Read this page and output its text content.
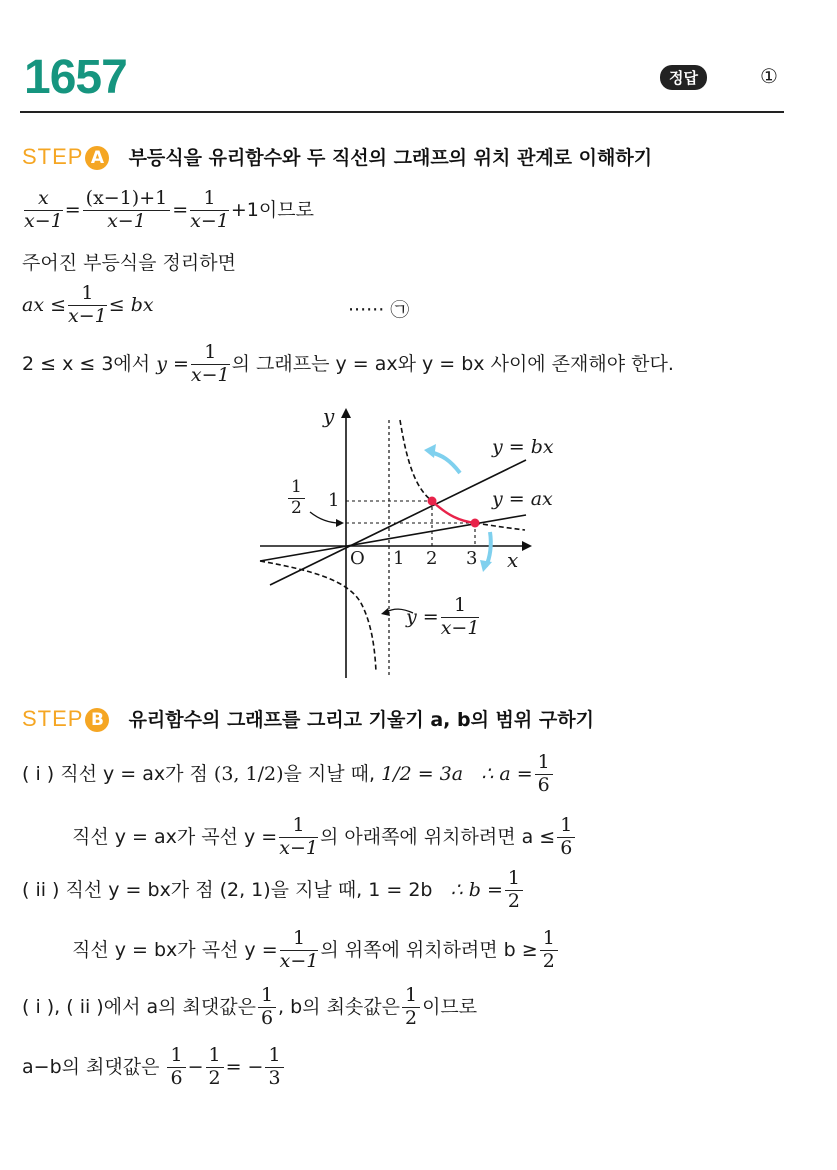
1657	정답	①
STEP A 부등식을 유리함수와 두 직선의 그래프의 위치 관계로 이해하기
$\frac{x}{x-1} = \frac{(x-1)+1}{x-1} = \frac{1}{x-1} +1$이므로
주어진 부등식을 정리하면
ax ≤ $\frac{1}{x-1}$ ≤ bx	······ ㉠
2 ≤ x ≤ 3에서 $y = \frac{1}{x-1}$ 의 그래프는 y = ax와 y = bx 사이에 존재해야 한다.
y
x
O 1 2 3
1
$\frac{1}{2}$
y = bx
y = ax
$y = \frac{1}{x-1}$
STEP B 유리함수의 그래프를 그리고 기울기 a, b의 범위 구하기
( i ) 직선 y = ax가 점 (3, 1/2)을 지날 때, 1/2 = 3a ∴ $a = \frac{1}{6}$
직선 y = ax가 곡선 $y = \frac{1}{x-1}$ 의 아래쪽에 위치하려면 $a \le \frac{1}{6}$
( ii ) 직선 y = bx가 점 (2, 1)을 지날 때, 1 = 2b ∴ $b = \frac{1}{2}$
직선 y = bx가 곡선 $y = \frac{1}{x-1}$ 의 위쪽에 위치하려면 $b \ge \frac{1}{2}$
( i ), ( ii )에서 a의 최댓값은 $\frac{1}{6}$ , b의 최솟값은 $\frac{1}{2}$ 이므로
a−b의 최댓값은 $\frac{1}{6} - \frac{1}{2}$ = − $\frac{1}{3}$
